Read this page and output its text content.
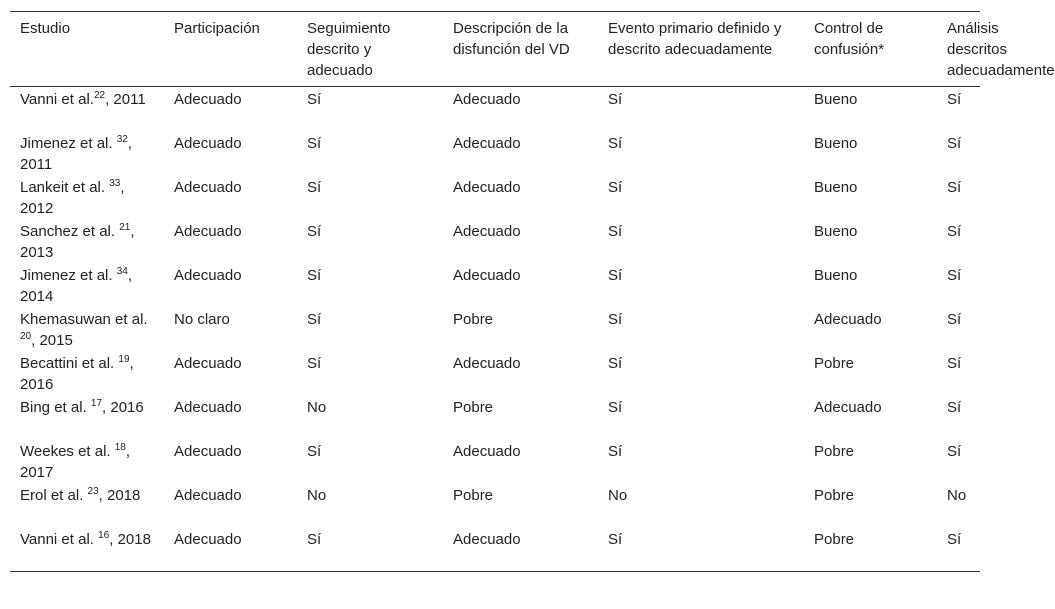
Estudio	Participación	Seguimiento descrito y adecuado	Descripción de la disfunción del VD	Evento primario definido y descrito adecuadamente	Control de confusión*	Análisis descritos adecuadamente
Vanni et al.$^{22}$, 2011	Adecuado	Sí	Adecuado	Sí	Bueno	Sí
Jimenez et al. $^{32}$, 2011	Adecuado	Sí	Adecuado	Sí	Bueno	Sí
Lankeit et al. $^{33}$, 2012	Adecuado	Sí	Adecuado	Sí	Bueno	Sí
Sanchez et al. $^{21}$, 2013	Adecuado	Sí	Adecuado	Sí	Bueno	Sí
Jimenez et al. $^{34}$, 2014	Adecuado	Sí	Adecuado	Sí	Bueno	Sí
Khemasuwan et al. $^{20}$, 2015	No claro	Sí	Pobre	Sí	Adecuado	Sí
Becattini et al. $^{19}$, 2016	Adecuado	Sí	Adecuado	Sí	Pobre	Sí
Bing et al. $^{17}$, 2016	Adecuado	No	Pobre	Sí	Adecuado	Sí
Weekes et al. $^{18}$, 2017	Adecuado	Sí	Adecuado	Sí	Pobre	Sí
Erol et al. $^{23}$, 2018	Adecuado	No	Pobre	No	Pobre	No
Vanni et al. $^{16}$, 2018	Adecuado	Sí	Adecuado	Sí	Pobre	Sí
